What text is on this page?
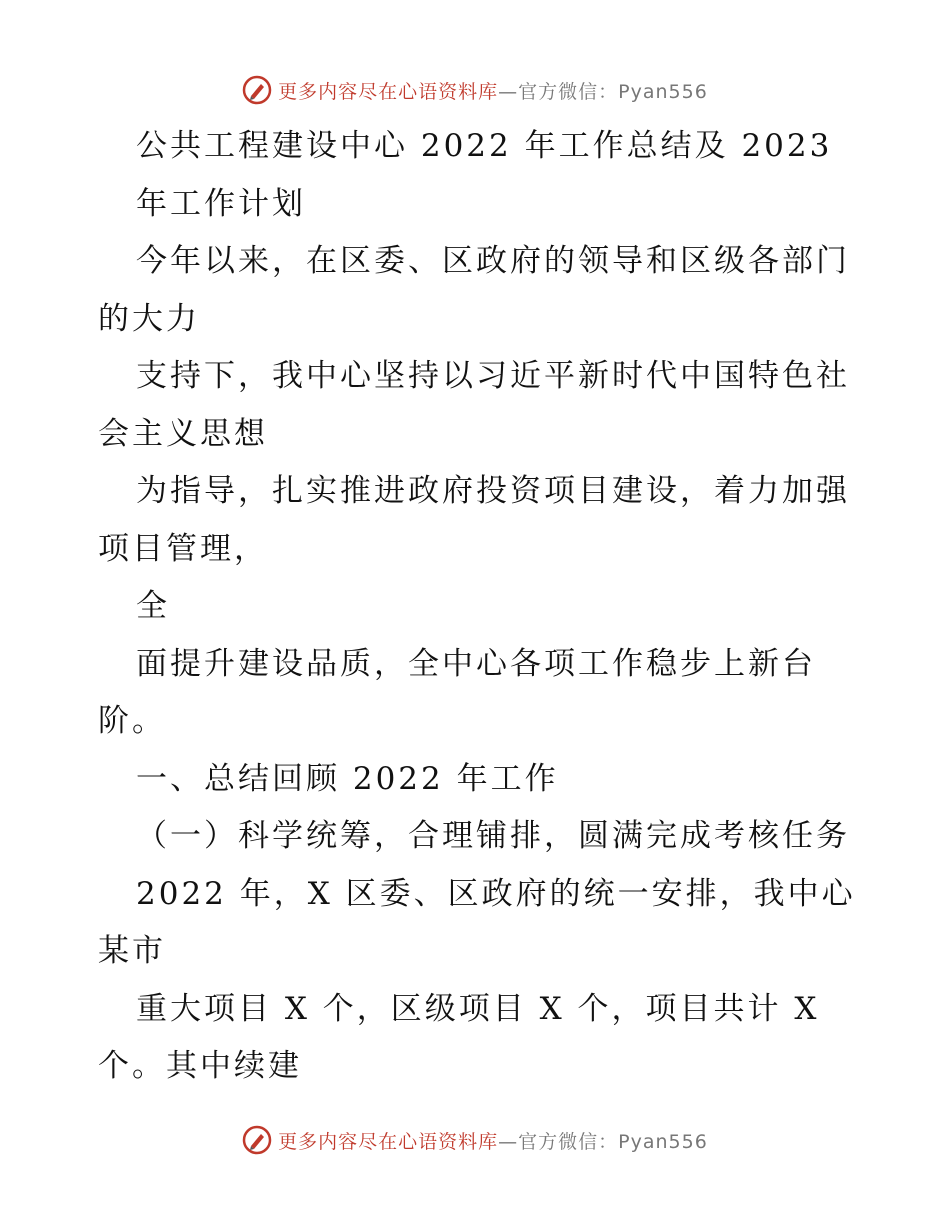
更多内容尽在心语资料库—官方微信：Pyan556
公共工程建设中心 2022 年工作总结及 2023
年工作计划
今年以来，在区委、区政府的领导和区级各部门
的大力
支持下，我中心坚持以习近平新时代中国特色社
会主义思想
为指导，扎实推进政府投资项目建设，着力加强
项目管理，
全
面提升建设品质，全中心各项工作稳步上新台
阶。
一、总结回顾 2022 年工作
（一）科学统筹，合理铺排，圆满完成考核任务
2022 年，X 区委、区政府的统一安排，我中心
某市
重大项目 X 个，区级项目 X 个，项目共计 X
个。其中续建
更多内容尽在心语资料库—官方微信：Pyan556
